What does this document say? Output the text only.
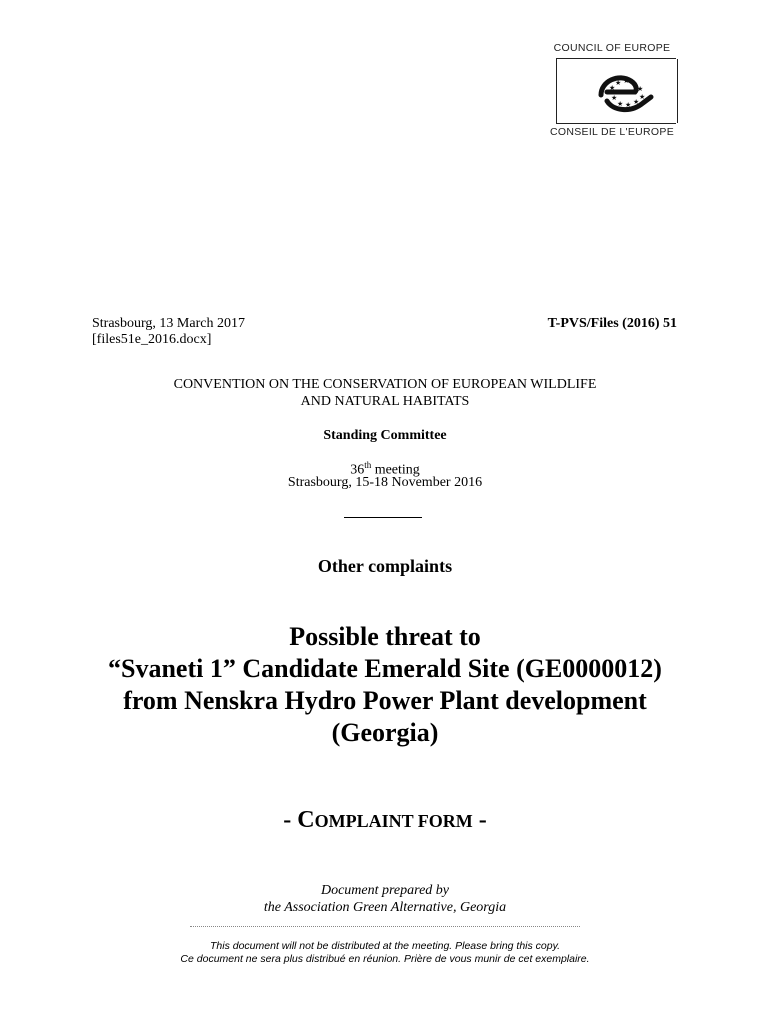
COUNCIL OF EUROPE
★ ★ ★
★	★
★
★ ★ ★
★
CONSEIL DE L'EUROPE
Strasbourg, 13 March 2017
[files51e_2016.docx]
T-PVS/Files (2016) 51
CONVENTION ON THE CONSERVATION OF EUROPEAN WILDLIFE
AND NATURAL HABITATS
Standing Committee
36th meeting
Strasbourg, 15-18 November 2016
Other complaints
Possible threat to
“Svaneti 1” Candidate Emerald Site (GE0000012)
from Nenskra Hydro Power Plant development
(Georgia)
- COMPLAINT FORM -
Document prepared by
the Association Green Alternative, Georgia
This document will not be distributed at the meeting. Please bring this copy.
Ce document ne sera plus distribué en réunion. Prière de vous munir de cet exemplaire.
